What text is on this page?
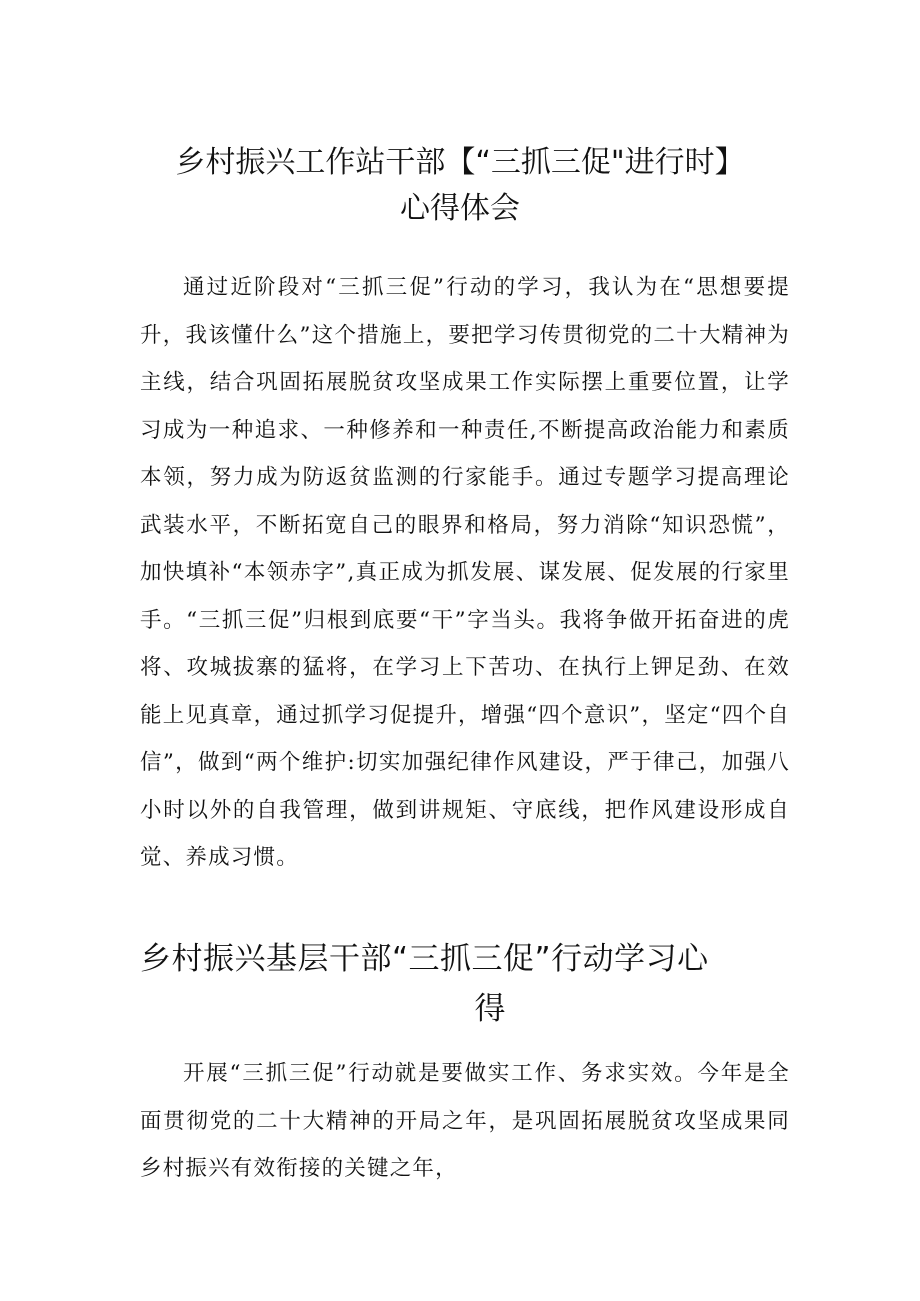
乡村振兴工作站干部【“三抓三促"进行时】
心得体会

通过近阶段对“三抓三促”行动的学习，我认为在“思想要提升，我该懂什么”这个措施上，要把学习传贯彻党的二十大精神为主线，结合巩固拓展脱贫攻坚成果工作实际摆上重要位置，让学习成为一种追求、一种修养和一种责任,不断提高政治能力和素质本领，努力成为防返贫监测的行家能手。通过专题学习提高理论武装水平，不断拓宽自己的眼界和格局，努力消除“知识恐慌”，加快填补“本领赤字”,真正成为抓发展、谋发展、促发展的行家里手。“三抓三促”归根到底要“干”字当头。我将争做开拓奋进的虎将、攻城拔寨的猛将，在学习上下苦功、在执行上钾足劲、在效能上见真章，通过抓学习促提升，增强“四个意识”，坚定“四个自信”，做到“两个维护:切实加强纪律作风建设，严于律己，加强八小时以外的自我管理，做到讲规矩、守底线，把作风建设形成自觉、养成习惯。

乡村振兴基层干部“三抓三促”行动学习心
得

开展“三抓三促”行动就是要做实工作、务求实效。今年是全面贯彻党的二十大精神的开局之年，是巩固拓展脱贫攻坚成果同乡村振兴有效衔接的关键之年，
